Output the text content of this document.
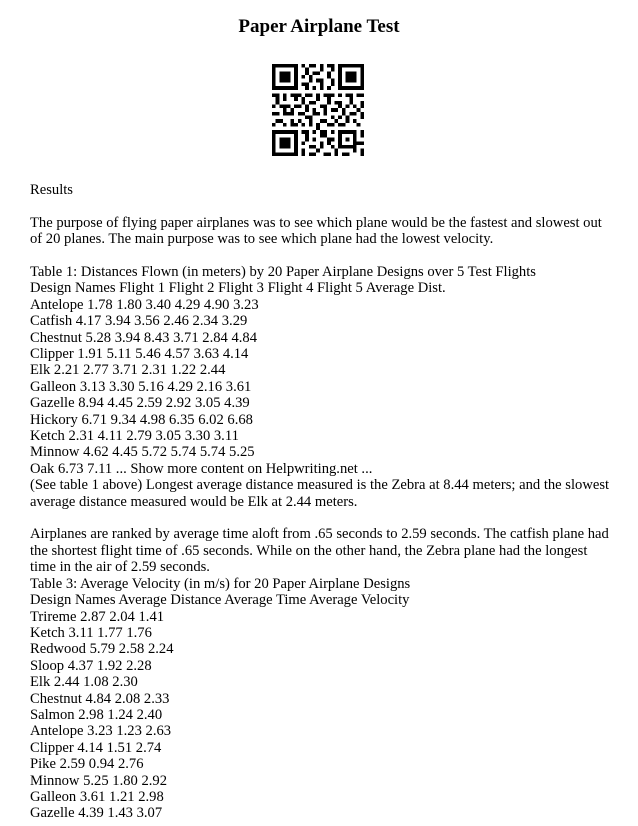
Paper Airplane Test

Results

The purpose of flying paper airplanes was to see which plane would be the fastest and slowest out of 20 planes. The main purpose was to see which plane had the lowest velocity.

Table 1: Distances Flown (in meters) by 20 Paper Airplane Designs over 5 Test Flights

Design Names Flight 1 Flight 2 Flight 3 Flight 4 Flight 5 Average Dist.

Antelope 1.78 1.80 3.40 4.29 4.90 3.23

Catfish 4.17 3.94 3.56 2.46 2.34 3.29

Chestnut 5.28 3.94 8.43 3.71 2.84 4.84

Clipper 1.91 5.11 5.46 4.57 3.63 4.14

Elk 2.21 2.77 3.71 2.31 1.22 2.44

Galleon 3.13 3.30 5.16 4.29 2.16 3.61

Gazelle 8.94 4.45 2.59 2.92 3.05 4.39

Hickory 6.71 9.34 4.98 6.35 6.02 6.68

Ketch 2.31 4.11 2.79 3.05 3.30 3.11

Minnow 4.62 4.45 5.72 5.74 5.74 5.25

Oak 6.73 7.11 ... Show more content on Helpwriting.net ...

(See table 1 above) Longest average distance measured is the Zebra at 8.44 meters; and the slowest average distance measured would be Elk at 2.44 meters.

Airplanes are ranked by average time aloft from .65 seconds to 2.59 seconds. The catfish plane had the shortest flight time of .65 seconds. While on the other hand, the Zebra plane had the longest time in the air of 2.59 seconds.

Table 3: Average Velocity (in m/s) for 20 Paper Airplane Designs

Design Names Average Distance Average Time Average Velocity

Trireme 2.87 2.04 1.41

Ketch 3.11 1.77 1.76

Redwood 5.79 2.58 2.24

Sloop 4.37 1.92 2.28

Elk 2.44 1.08 2.30

Chestnut 4.84 2.08 2.33

Salmon 2.98 1.24 2.40

Antelope 3.23 1.23 2.63

Clipper 4.14 1.51 2.74

Pike 2.59 0.94 2.76

Minnow 5.25 1.80 2.92

Galleon 3.61 1.21 2.98

Gazelle 4.39 1.43 3.07
